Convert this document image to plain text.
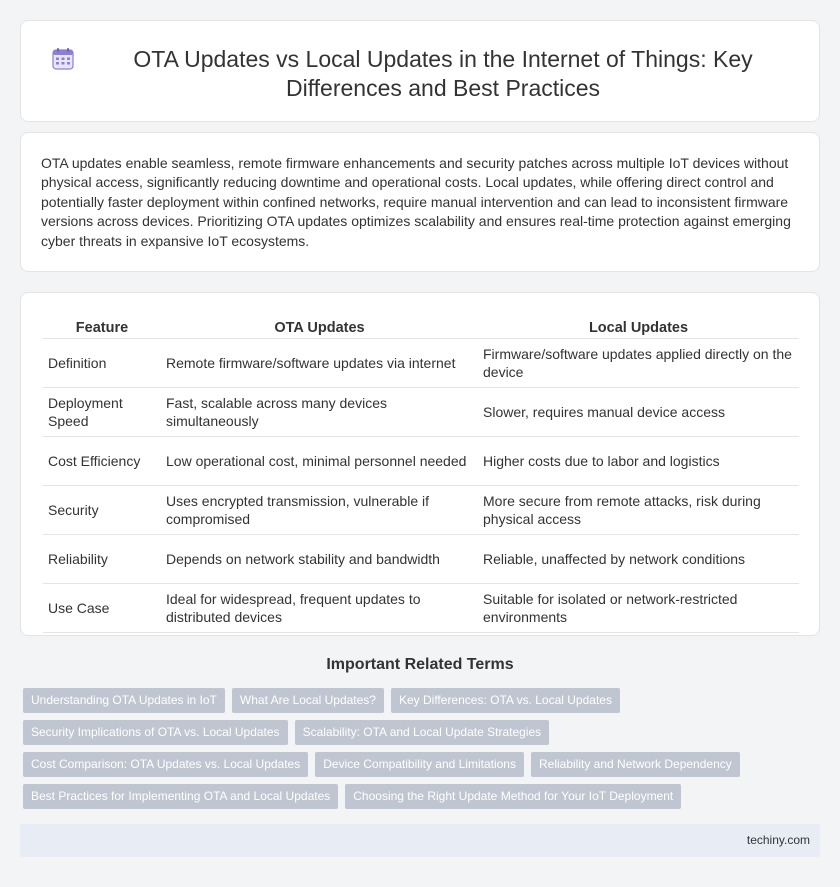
OTA Updates vs Local Updates in the Internet of Things: Key Differences and Best Practices

OTA updates enable seamless, remote firmware enhancements and security patches across multiple IoT devices without physical access, significantly reducing downtime and operational costs. Local updates, while offering direct control and potentially faster deployment within confined networks, require manual intervention and can lead to inconsistent firmware versions across devices. Prioritizing OTA updates optimizes scalability and ensures real-time protection against emerging cyber threats in expansive IoT ecosystems.

Feature	OTA Updates	Local Updates
Definition	Remote firmware/software updates via internet	Firmware/software updates applied directly on the device
Deployment Speed	Fast, scalable across many devices simultaneously	Slower, requires manual device access
Cost Efficiency	Low operational cost, minimal personnel needed	Higher costs due to labor and logistics
Security	Uses encrypted transmission, vulnerable if compromised	More secure from remote attacks, risk during physical access
Reliability	Depends on network stability and bandwidth	Reliable, unaffected by network conditions
Use Case	Ideal for widespread, frequent updates to distributed devices	Suitable for isolated or network-restricted environments
Important Related Terms
Understanding OTA Updates in IoT	What Are Local Updates?	Key Differences: OTA vs. Local Updates
Security Implications of OTA vs. Local Updates	Scalability: OTA and Local Update Strategies
Cost Comparison: OTA Updates vs. Local Updates	Device Compatibility and Limitations	Reliability and Network Dependency
Best Practices for Implementing OTA and Local Updates	Choosing the Right Update Method for Your IoT Deployment
techiny.com
